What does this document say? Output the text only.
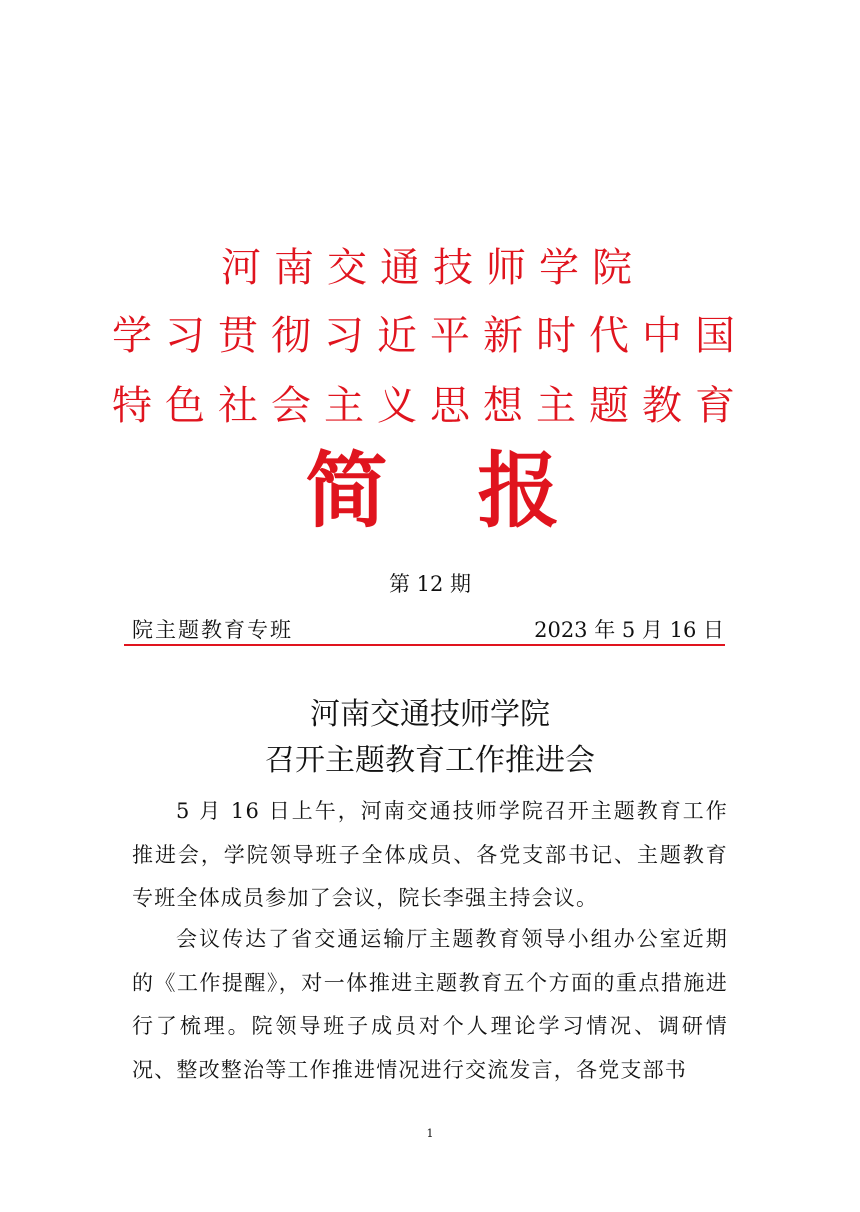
河南交通技师学院
学习贯彻习近平新时代中国
特色社会主义思想主题教育
简报
第 12 期
院主题教育专班	2023 年 5 月 16 日
河南交通技师学院
召开主题教育工作推进会

5 月 16 日上午，河南交通技师学院召开主题教育工作推进会，学院领导班子全体成员、各党支部书记、主题教育专班全体成员参加了会议，院长李强主持会议。

会议传达了省交通运输厅主题教育领导小组办公室近期的《工作提醒》，对一体推进主题教育五个方面的重点措施进行了梳理。院领导班子成员对个人理论学习情况、调研情况、整改整治等工作推进情况进行交流发言，各党支部书

1
